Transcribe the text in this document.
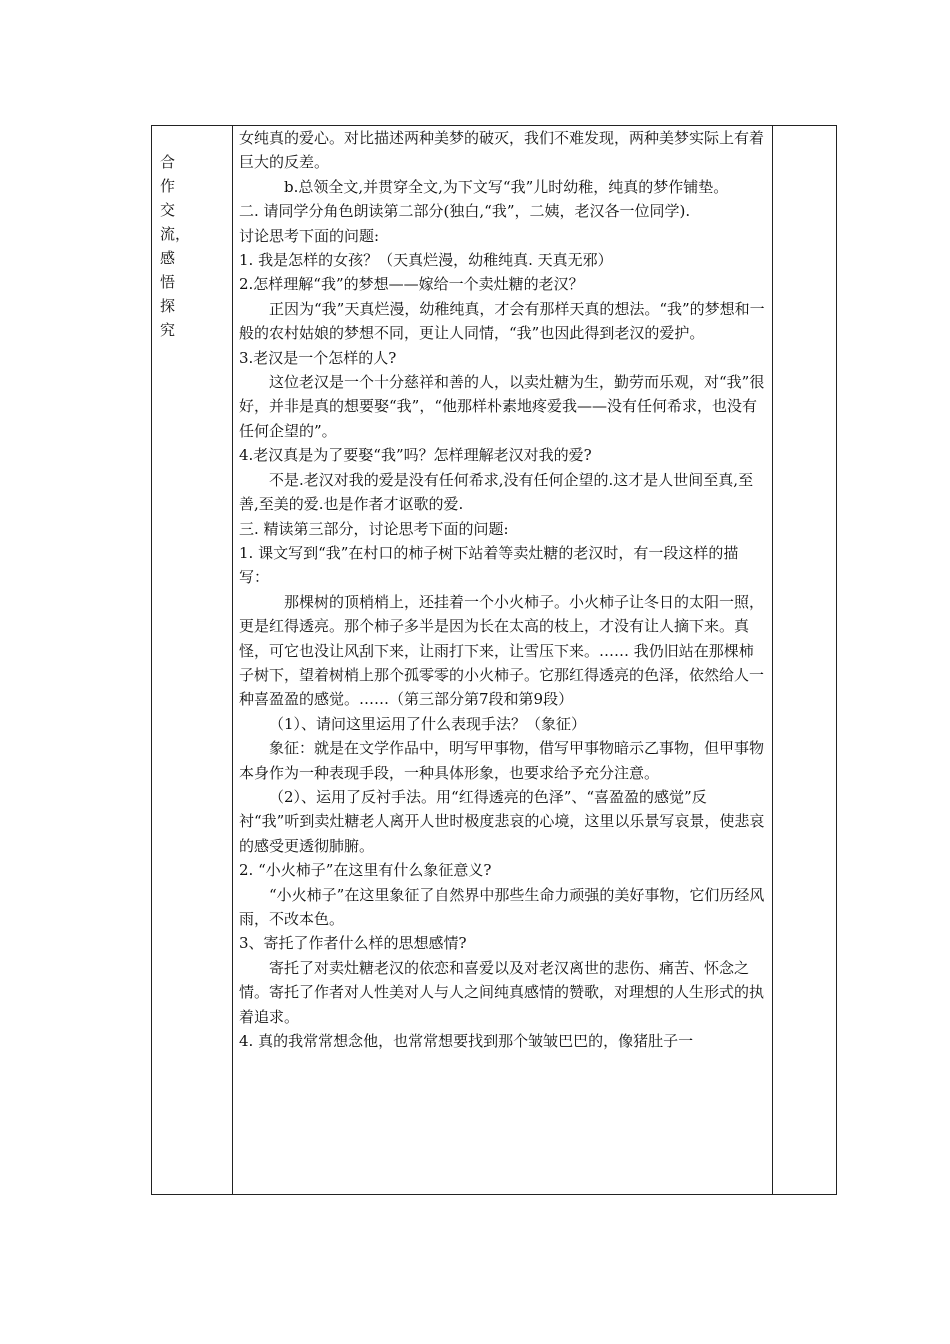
合
作
交
流，
感
悟
探
究

女纯真的爱心。对比描述两种美梦的破灭，我们不难发现，两种美梦实际上有着巨大的反差。

b.总领全文,并贯穿全文,为下文写“我”儿时幼稚，纯真的梦作铺垫。

二. 请同学分角色朗读第二部分(独白,“我”，二姨，老汉各一位同学).

讨论思考下面的问题:

1. 我是怎样的女孩？（天真烂漫，幼稚纯真. 天真无邪）

2.怎样理解“我”的梦想——嫁给一个卖灶糖的老汉？

正因为“我”天真烂漫，幼稚纯真，才会有那样天真的想法。“我”的梦想和一般的农村姑娘的梦想不同，更让人同情，“我”也因此得到老汉的爱护。

3.老汉是一个怎样的人?

这位老汉是一个十分慈祥和善的人，以卖灶糖为生，勤劳而乐观，对“我”很好，并非是真的想要娶“我”，“他那样朴素地疼爱我——没有任何希求，也没有任何企望的”。

4.老汉真是为了要娶“我”吗？怎样理解老汉对我的爱?

不是.老汉对我的爱是没有任何希求,没有任何企望的.这才是人世间至真,至善,至美的爱.也是作者才讴歌的爱.

三. 精读第三部分，讨论思考下面的问题:

1. 课文写到“我”在村口的柿子树下站着等卖灶糖的老汉时，有一段这样的描写：

那棵树的顶梢梢上，还挂着一个小火柿子。小火柿子让冬日的太阳一照，更是红得透亮。那个柿子多半是因为长在太高的枝上，才没有让人摘下来。真怪，可它也没让风刮下来，让雨打下来，让雪压下来。…… 我仍旧站在那棵柿子树下，望着树梢上那个孤零零的小火柿子。它那红得透亮的色泽，依然给人一种喜盈盈的感觉。……（第三部分第7段和第9段）

（1）、请问这里运用了什么表现手法？（象征）

象征：就是在文学作品中，明写甲事物，借写甲事物暗示乙事物，但甲事物本身作为一种表现手段，一种具体形象，也要求给予充分注意。

（2）、运用了反衬手法。用“红得透亮的色泽”、“喜盈盈的感觉”反衬“我”听到卖灶糖老人离开人世时极度悲哀的心境，这里以乐景写哀景，使悲哀的感受更透彻肺腑。

2. “小火柿子”在这里有什么象征意义?

“小火柿子”在这里象征了自然界中那些生命力顽强的美好事物，它们历经风雨，不改本色。

3、寄托了作者什么样的思想感情?

寄托了对卖灶糖老汉的依恋和喜爱以及对老汉离世的悲伤、痛苦、怀念之情。寄托了作者对人性美对人与人之间纯真感情的赞歌，对理想的人生形式的执着追求。

4. 真的我常常想念他，也常常想要找到那个皱皱巴巴的，像猪肚子一
